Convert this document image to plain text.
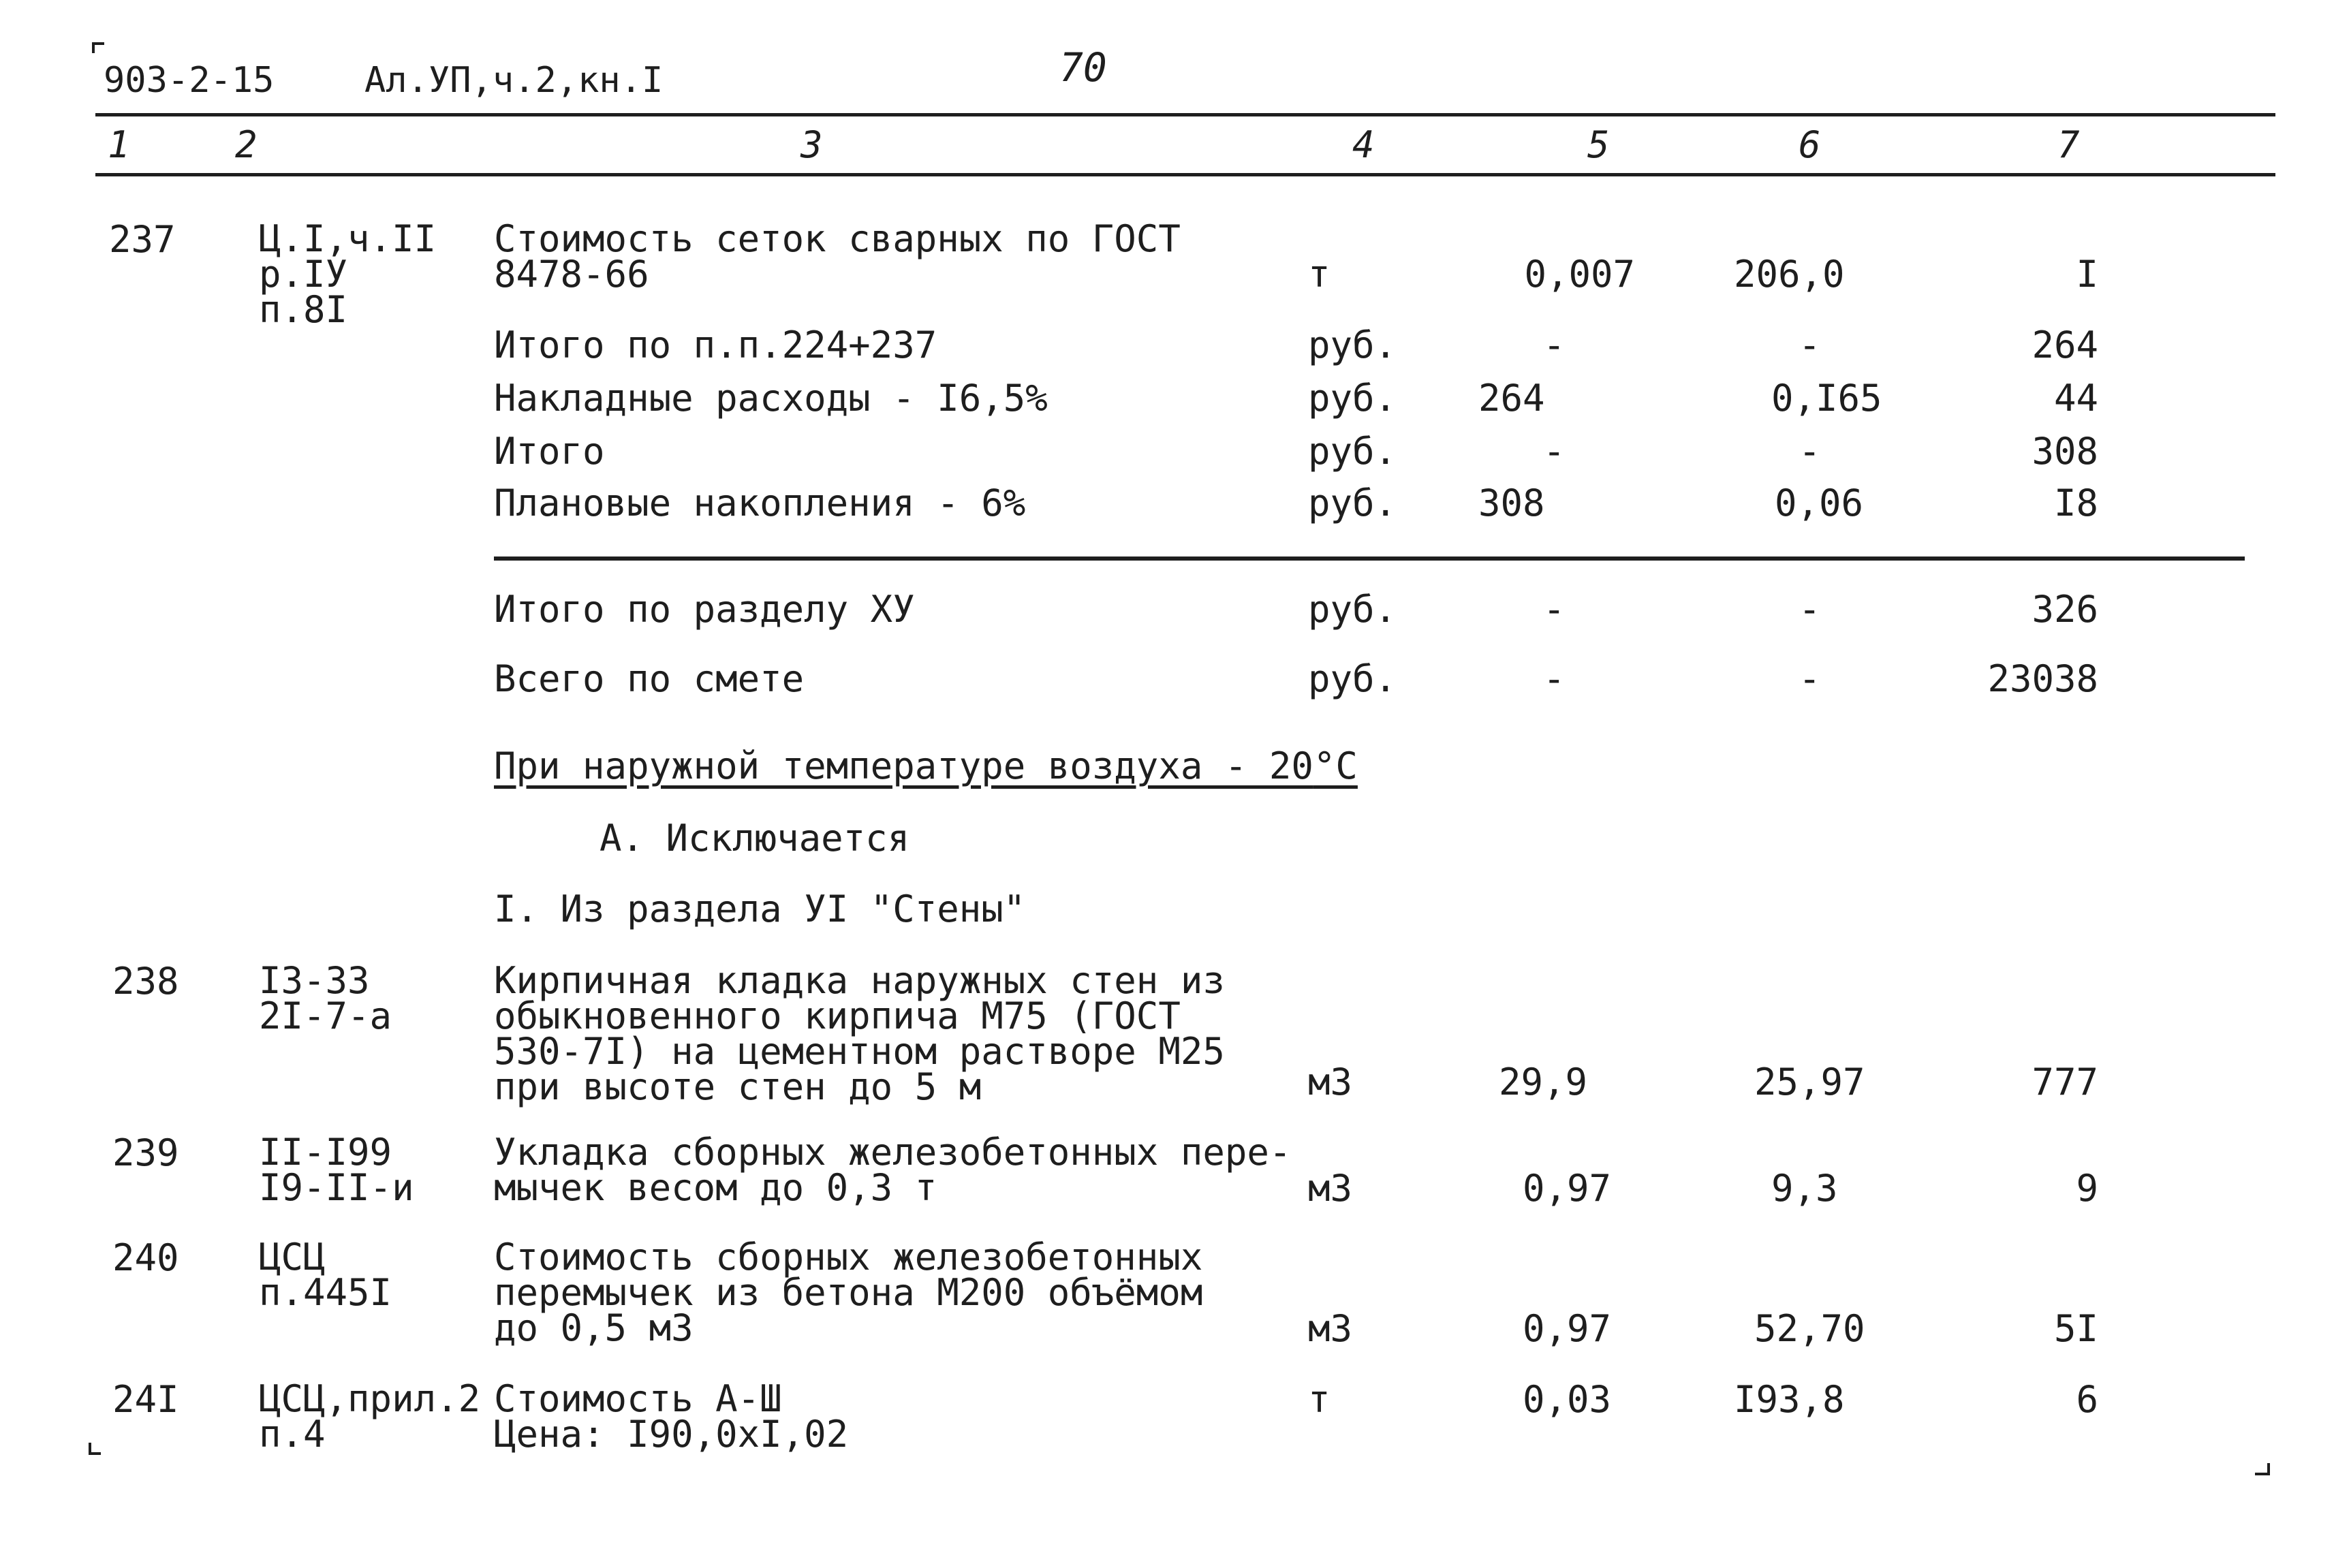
903-2-15	Ал.УП,ч.2,кн.I	70
1	2	3	4	5	6	7
237 Ц.I,ч.II
р.IУ
п.8I
Стоимость сеток сварных по ГОСТ
8478-66	т	0,007	206,0	I
Итого по п.п.224+237	руб.	-	-	264
Накладные расходы - I6,5%	руб. 264	0,I65	44
Итого	руб.	-	-	308
Плановые накопления - 6%	руб. 308	0,06	I8
Итого по разделу ХУ	руб.	-	-	326
Всего по смете	руб.	-	-	23038
При наружной температуре воздуха - 20°С
А. Исключается
I. Из раздела УI "Стены"
238 I3-33
2I-7-а
Кирпичная кладка наружных стен из
обыкновенного кирпича М75 (ГОСТ
530-7I) на цементном растворе М25
при высоте стен до 5 м	м3	29,9	25,97	777
239 II-I99
I9-II-и
Укладка сборных железобетонных пере-
мычек весом до 0,3 т	м3	0,97	9,3	9
240 ЦСЦ
п.445I
Стоимость сборных железобетонных
перемычек из бетона М200 объёмом
до 0,5 м3	м3	0,97	52,70	5I
24I ЦСЦ,прил.2
п.4
Стоимость А-Ш
Цена: I90,0хI,02
т	0,03	I93,8	6
